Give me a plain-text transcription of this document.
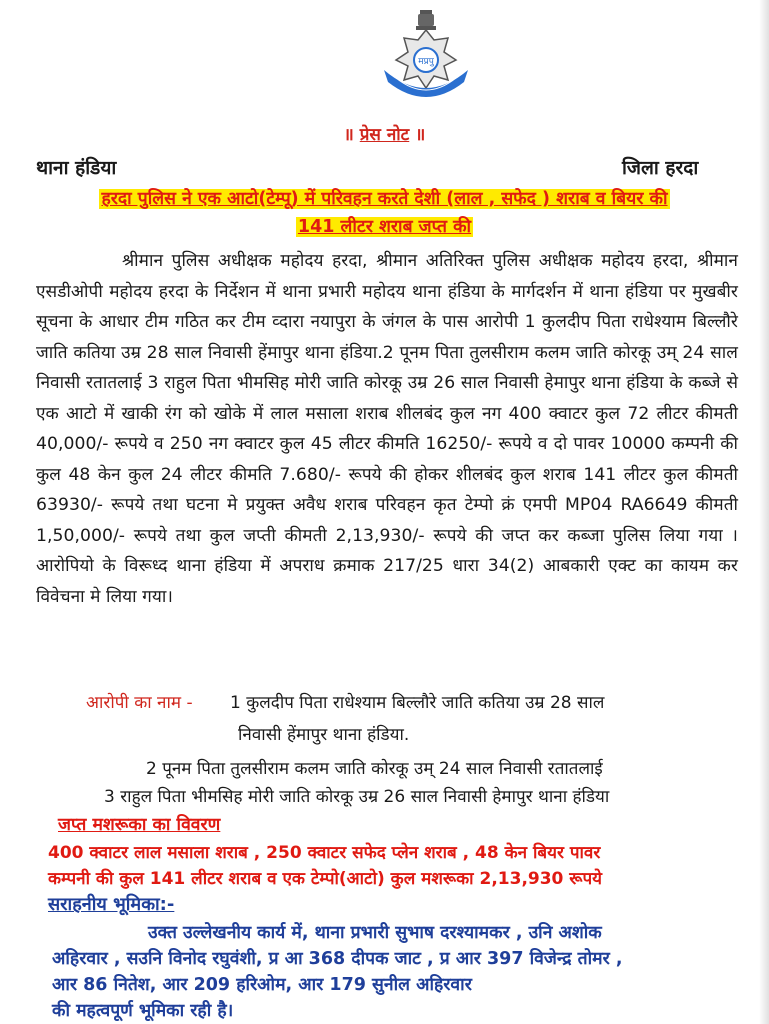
मप्रपु
॥ प्रेस नोट ॥
थाना हंडिया	जिला हरदा
हरदा पुलिस ने एक आटो(टेम्पू) में परिवहन करते देशी (लाल , सफेद ) शराब व बियर की
141 लीटर शराब जप्त की
श्रीमान पुलिस अधीक्षक महोदय हरदा, श्रीमान अतिरिक्त पुलिस अधीक्षक महोदय हरदा, श्रीमान एसडीओपी महोदय हरदा के निर्देशन में थाना प्रभारी महोदय थाना हंडिया के मार्गदर्शन में थाना हंडिया पर मुखबीर सूचना के आधार टीम गठित कर टीम व्दारा नयापुरा के जंगल के पास आरोपी 1 कुलदीप पिता राधेश्याम बिल्लौरे जाति कतिया उम्र 28 साल निवासी हेंमापुर थाना हंडिया.2 पूनम पिता तुलसीराम कलम जाति कोरकू उम् 24 साल निवासी रतातलाई 3 राहुल पिता भीमसिह मोरी जाति कोरकू उम्र 26 साल निवासी हेमापुर थाना हंडिया के कब्जे से एक आटो में खाकी रंग को खोके में लाल मसाला शराब शीलबंद कुल नग 400 क्वाटर कुल 72 लीटर कीमती 40,000/- रूपये व 250 नग क्वाटर कुल 45 लीटर कीमति 16250/- रूपये व दो पावर 10000 कम्पनी की कुल 48 केन कुल 24 लीटर कीमति 7.680/- रूपये की होकर शीलबंद कुल शराब 141 लीटर कुल कीमती 63930/- रूपये तथा घटना मे प्रयुक्त अवैध शराब परिवहन कृत टेम्पो क्रं एमपी MP04 RA6649 कीमती 1,50,000/- रूपये तथा कुल जप्ती कीमती 2,13,930/- रूपये की जप्त कर कब्जा पुलिस लिया गया । आरोपियो के विरूध्द थाना हंडिया में अपराध क्रमाक 217/25 धारा 34(2) आबकारी एक्ट का कायम कर विवेचना मे लिया गया।
आरोपी का नाम - 1 कुलदीप पिता राधेश्याम बिल्लौरे जाति कतिया उम्र 28 साल
निवासी हेंमापुर थाना हंडिया.
2 पूनम पिता तुलसीराम कलम जाति कोरकू उम् 24 साल निवासी रतातलाई
3 राहुल पिता भीमसिह मोरी जाति कोरकू उम्र 26 साल निवासी हेमापुर थाना हंडिया
जप्त मशरूका का विवरण
400 क्वाटर लाल मसाला शराब , 250 क्वाटर सफेद प्लेन शराब , 48 केन बियर पावर
कम्पनी की कुल 141 लीटर शराब व एक टेम्पो(आटो) कुल मशरूका 2,13,930 रूपये
सराहनीय भूमिका:-
उक्त उल्लेखनीय कार्य में, थाना प्रभारी सुभाष दरश्यामकर , उनि अशोक
अहिरवार , सउनि विनोद रघुवंशी, प्र आ 368 दीपक जाट , प्र आर 397 विजेन्द्र तोमर ,
आर 86 नितेश, आर 209 हरिओम, आर 179 सुनील अहिरवार
की महत्वपूर्ण भूमिका रही है।
